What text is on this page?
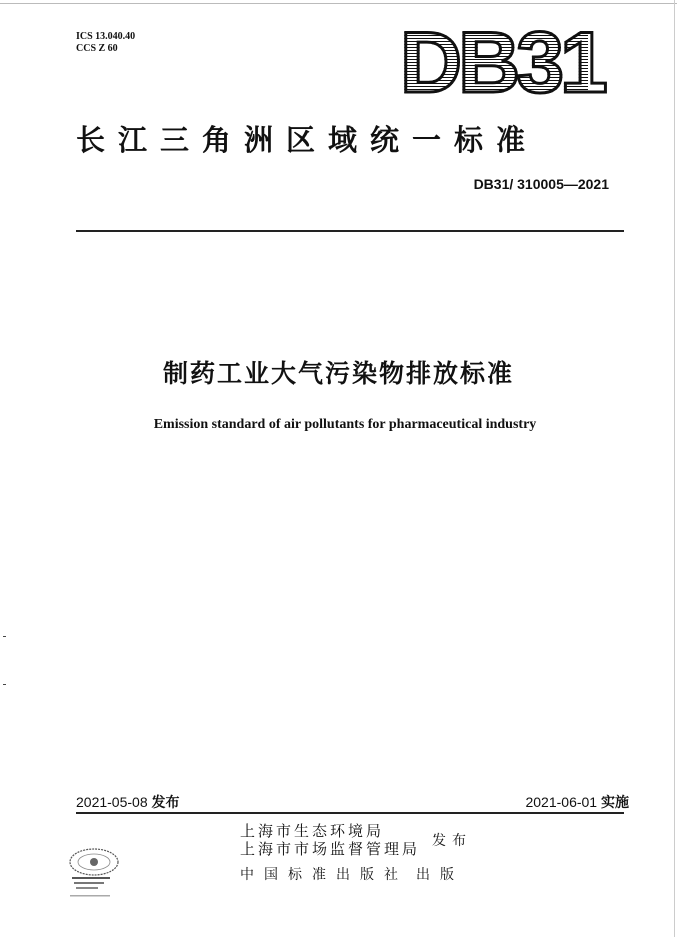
ICS 13.040.40
CCS Z 60	DB31
长江三角洲区域统一标准
DB31/ 310005—2021
制药工业大气污染物排放标准
Emission standard of air pollutants for pharmaceutical industry
2021-05-08 发布	2021-06-01 实施
上海市生态环境局
上海市市场监督管理局 发布
中国标准出版社 出版
